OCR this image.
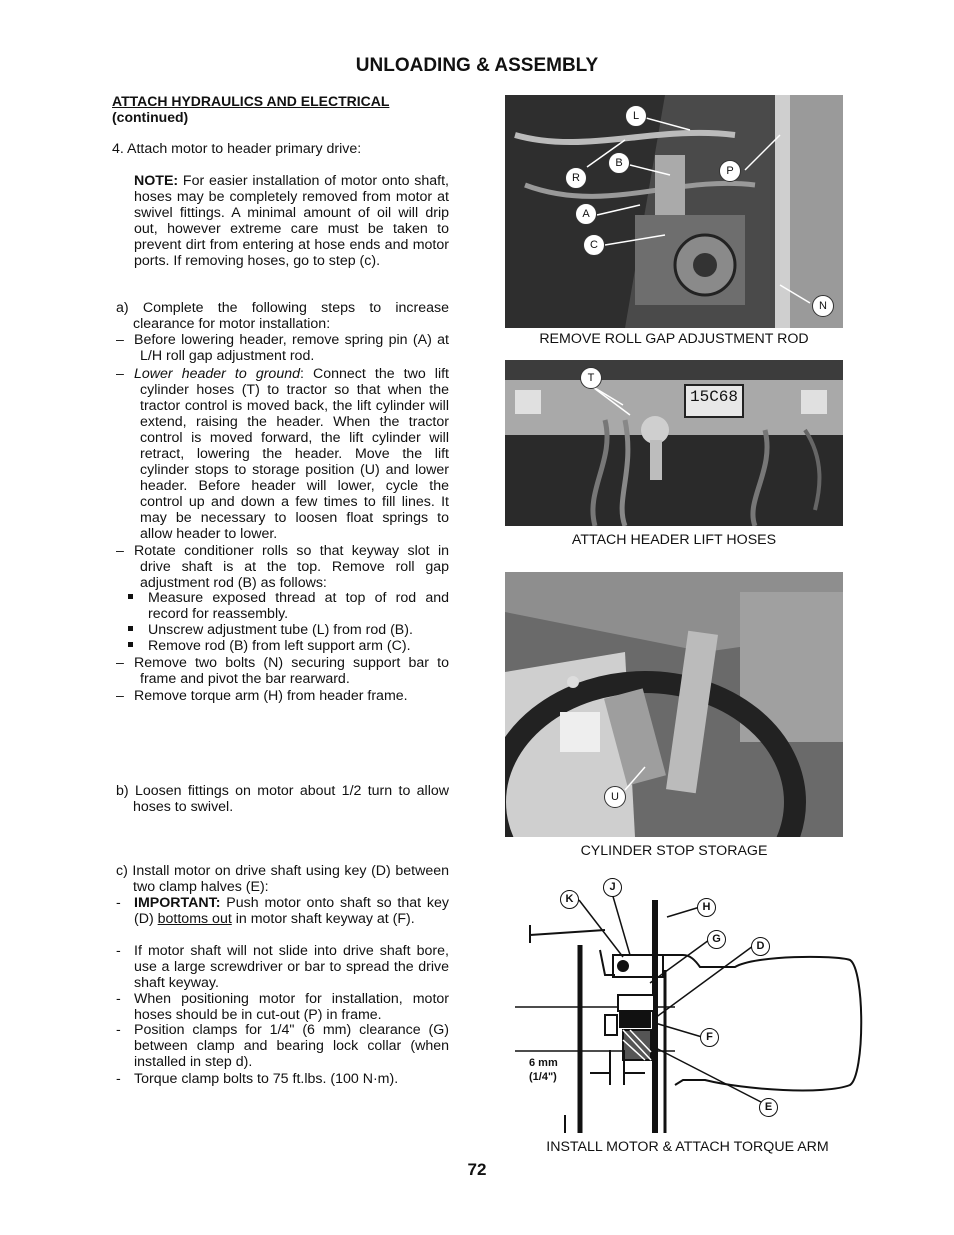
UNLOADING & ASSEMBLY
ATTACH HYDRAULICS AND ELECTRICAL
(continued)
4. Attach motor to header primary drive:
NOTE: For easier installation of motor onto shaft, hoses may be completely removed from motor at swivel fittings. A minimal amount of oil will drip out, however extreme care must be taken to prevent dirt from entering at hose ends and motor ports. If removing hoses, go to step (c).
a) Complete the following steps to increase clearance for motor installation:
– Before lowering header, remove spring pin (A) at L/H roll gap adjustment rod.
– Lower header to ground: Connect the two lift cylinder hoses (T) to tractor so that when the tractor control is moved back, the lift cylinder will extend, raising the header. When the tractor control is moved forward, the lift cylinder will retract, lowering the header. Move the lift cylinder stops to storage position (U) and lower header. Before header will lower, cycle the control up and down a few times to fill lines. It may be necessary to loosen float springs to allow header to lower.
– Rotate conditioner rolls so that keyway slot in drive shaft is at the top. Remove roll gap adjustment rod (B) as follows:
Measure exposed thread at top of rod and record for reassembly.
Unscrew adjustment tube (L) from rod (B).
Remove rod (B) from left support arm (C).
– Remove two bolts (N) securing support bar to frame and pivot the bar rearward.
– Remove torque arm (H) from header frame.
b) Loosen fittings on motor about 1/2 turn to allow hoses to swivel.
c) Install motor on drive shaft using key (D) between two clamp halves (E):
- IMPORTANT: Push motor onto shaft so that key (D) bottoms out in motor shaft keyway at (F).
- If motor shaft will not slide into drive shaft bore, use a large screwdriver or bar to spread the drive shaft keyway.
- When positioning motor for installation, motor hoses should be in cut-out (P) in frame.
- Position clamps for 1/4" (6 mm) clearance (G) between clamp and bearing lock collar (when installed in step d).
- Torque clamp bolts to 75 ft.lbs. (100 N·m).
L
B
R
P
A
C
N
REMOVE ROLL GAP ADJUSTMENT ROD
15C68
T
ATTACH HEADER LIFT HOSES
U
CYLINDER STOP STORAGE
K
J
H
G
D
F
E
6 mm
(1/4")
INSTALL MOTOR & ATTACH TORQUE ARM
72
